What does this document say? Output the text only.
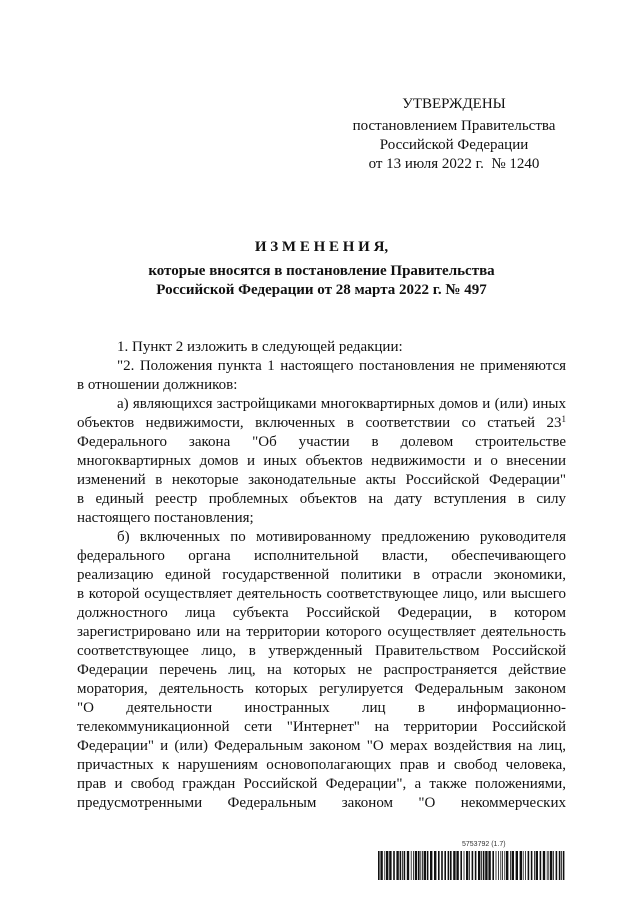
УТВЕРЖДЕНЫ
постановлением Правительства
Российской Федерации
от 13 июля 2022 г.  № 1240
И З М Е Н Е Н И Я,
которые вносятся в постановление Правительства
Российской Федерации от 28 марта 2022 г. № 497
1. Пункт 2 изложить в следующей редакции:
"2. Положения пункта 1 настоящего постановления не применяются
в отношении должников:
а) являющихся застройщиками многоквартирных домов и (или) иных
объектов недвижимости, включенных в соответствии со статьей $23^1$
Федерального закона "Об участии в долевом строительстве
многоквартирных домов и иных объектов недвижимости и о внесении
изменений в некоторые законодательные акты Российской Федерации"
в единый реестр проблемных объектов на дату вступления в силу
настоящего постановления;
б) включенных по мотивированному предложению руководителя
федерального органа исполнительной власти, обеспечивающего
реализацию единой государственной политики в отрасли экономики,
в которой осуществляет деятельность соответствующее лицо, или высшего
должностного лица субъекта Российской Федерации, в котором
зарегистрировано или на территории которого осуществляет деятельность
соответствующее лицо, в утвержденный Правительством Российской
Федерации перечень лиц, на которых не распространяется действие
моратория, деятельность которых регулируется Федеральным законом
"О деятельности иностранных лиц в информационно-
телекоммуникационной сети "Интернет" на территории Российской
Федерации" и (или) Федеральным законом "О мерах воздействия на лиц,
причастных к нарушениям основополагающих прав и свобод человека,
прав и свобод граждан Российской Федерации", а также положениями,
предусмотренными Федеральным законом "О некоммерческих
5753792 (1.7)
